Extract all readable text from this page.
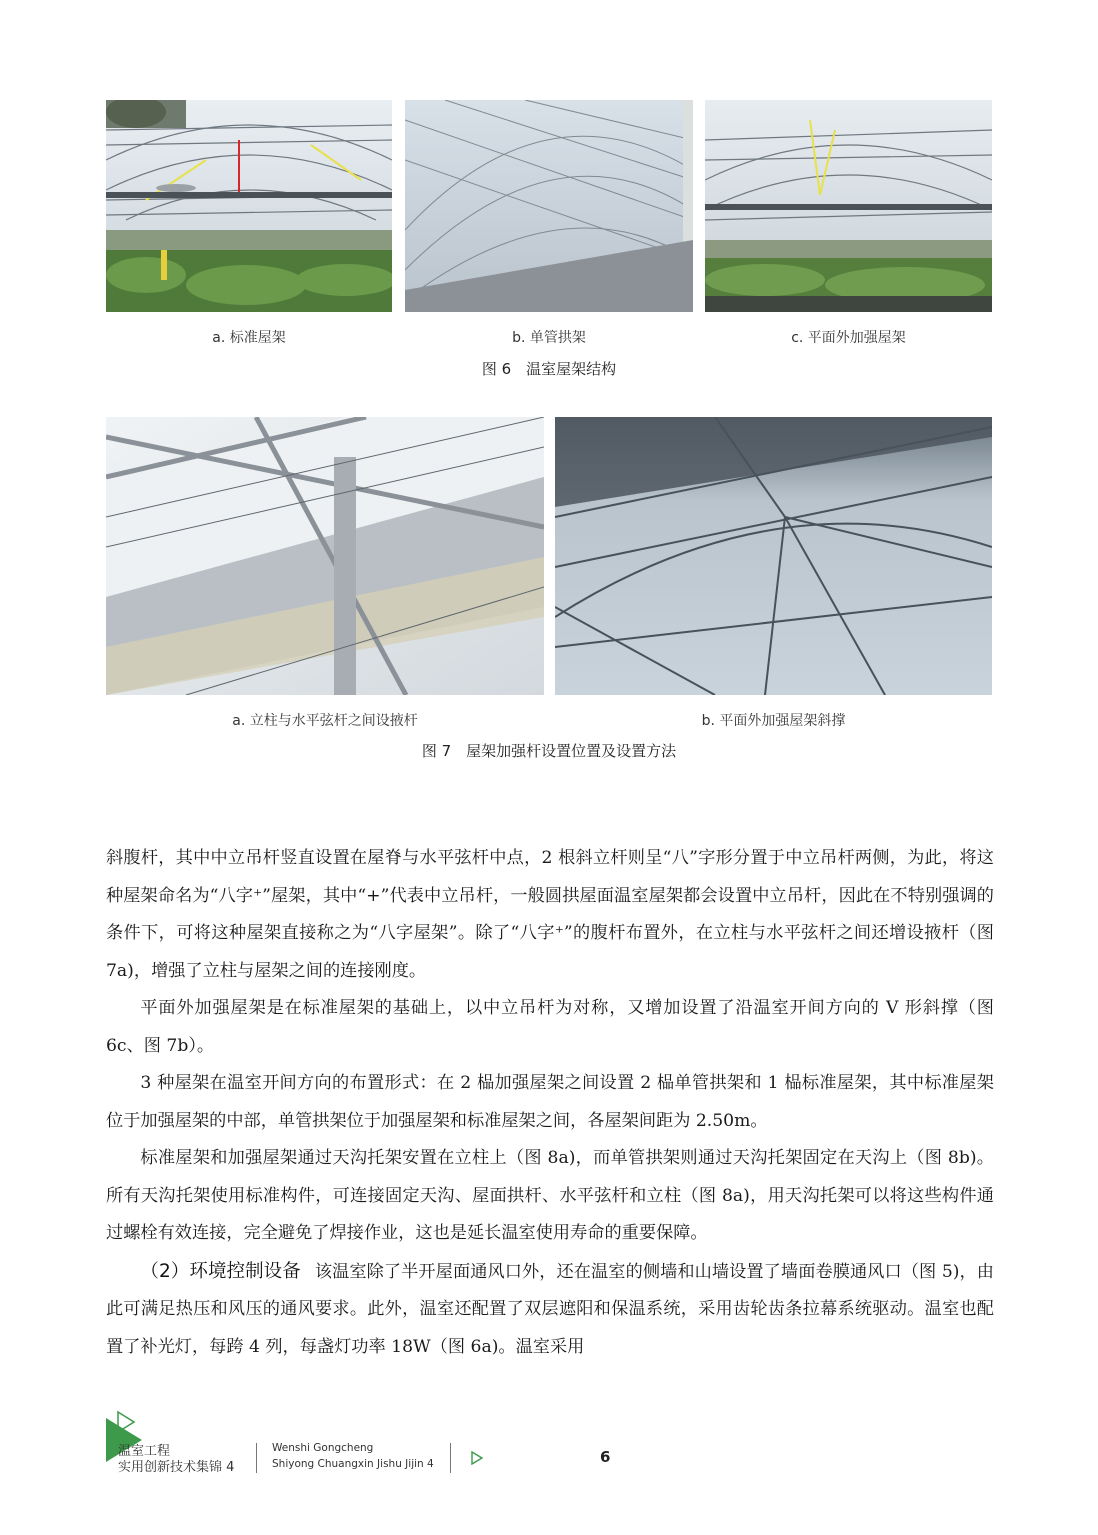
a. 标准屋架	b. 单管拱架	c. 平面外加强屋架
图 6　温室屋架结构
a. 立柱与水平弦杆之间设掖杆	b. 平面外加强屋架斜撑
图 7　屋架加强杆设置位置及设置方法

斜腹杆，其中中立吊杆竖直设置在屋脊与水平弦杆中点，2 根斜立杆则呈“八”字形分置于中立吊杆两侧，为此，将这种屋架命名为“八字⁺”屋架，其中“+”代表中立吊杆，一般圆拱屋面温室屋架都会设置中立吊杆，因此在不特别强调的条件下，可将这种屋架直接称之为“八字屋架”。除了“八字⁺”的腹杆布置外，在立柱与水平弦杆之间还增设掖杆（图 7a)，增强了立柱与屋架之间的连接刚度。

平面外加强屋架是在标准屋架的基础上，以中立吊杆为对称，又增加设置了沿温室开间方向的 V 形斜撑（图 6c、图 7b）。

3 种屋架在温室开间方向的布置形式：在 2 榀加强屋架之间设置 2 榀单管拱架和 1 榀标准屋架，其中标准屋架位于加强屋架的中部，单管拱架位于加强屋架和标准屋架之间，各屋架间距为 2.50m。

标准屋架和加强屋架通过天沟托架安置在立柱上（图 8a)，而单管拱架则通过天沟托架固定在天沟上（图 8b)。所有天沟托架使用标准构件，可连接固定天沟、屋面拱杆、水平弦杆和立柱（图 8a)，用天沟托架可以将这些构件通过螺栓有效连接，完全避免了焊接作业，这也是延长温室使用寿命的重要保障。

（2）环境控制设备 该温室除了半开屋面通风口外，还在温室的侧墙和山墙设置了墙面卷膜通风口（图 5)，由此可满足热压和风压的通风要求。此外，温室还配置了双层遮阳和保温系统，采用齿轮齿条拉幕系统驱动。温室也配置了补光灯，每跨 4 列，每盏灯功率 18W（图 6a)。温室采用

温室工程
实用创新技术集锦 4
Wenshi Gongcheng
Shiyong Chuangxin Jishu Jijin 4	6
